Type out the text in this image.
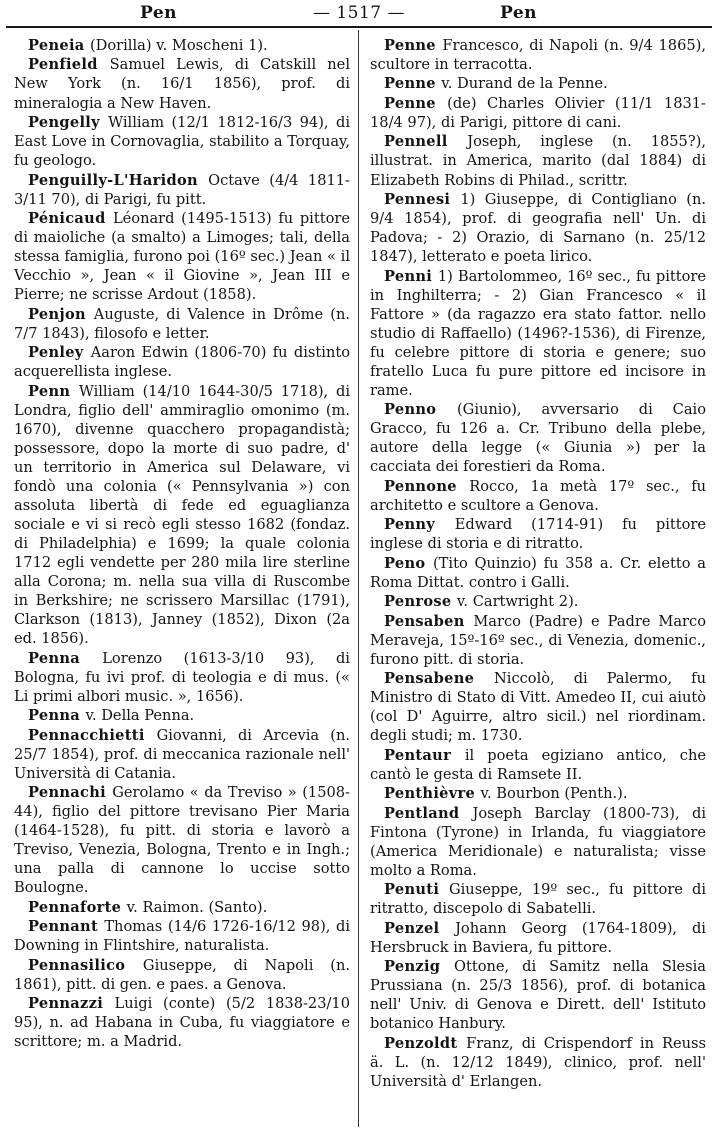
Pen	— 1517 —	Pen

Peneia (Dorilla) v. Moscheni 1).

Penfield Samuel Lewis, di Catskill nel New York (n. 16/1 1856), prof. di mineralogia a New Haven.

Pengelly William (12/1 1812-16/3 94), di East Love in Cornovaglia, stabilito a Torquay, fu geologo.

Penguilly-L'Haridon Octave (4/4 1811-3/11 70), di Parigi, fu pitt.

Pénicaud Léonard (1495-1513) fu pittore di maioliche (a smalto) a Limoges; tali, della stessa famiglia, furono poi (16º sec.) Jean « il Vecchio », Jean « il Giovine », Jean III e Pierre; ne scrisse Ardout (1858).

Penjon Auguste, di Valence in Drôme (n. 7/7 1843), filosofo e letter.

Penley Aaron Edwin (1806-70) fu distinto acquerellista inglese.

Penn William (14/10 1644-30/5 1718), di Londra, figlio dell' ammiraglio omonimo (m. 1670), divenne quacchero propagandistà; possessore, dopo la morte di suo padre, d' un territorio in America sul Delaware, vi fondò una colonia (« Pennsylvania ») con assoluta libertà di fede ed eguaglianza sociale e vi si recò egli stesso 1682 (fondaz. di Philadelphia) e 1699; la quale colonia 1712 egli vendette per 280 mila lire sterline alla Corona; m. nella sua villa di Ruscombe in Berkshire; ne scrissero Marsillac (1791), Clarkson (1813), Janney (1852), Dixon (2a ed. 1856).

Penna Lorenzo (1613-3/10 93), di Bologna, fu ivi prof. di teologia e di mus. (« Li primi albori music. », 1656).

Penna v. Della Penna.

Pennacchietti Giovanni, di Arcevia (n. 25/7 1854), prof. di meccanica razionale nell' Università di Catania.

Pennachi Gerolamo « da Treviso » (1508-44), figlio del pittore trevisano Pier Maria (1464-1528), fu pitt. di storia e lavorò a Treviso, Venezia, Bologna, Trento e in Ingh.; una palla di cannone lo uccise sotto Boulogne.

Pennaforte v. Raimon. (Santo).

Pennant Thomas (14/6 1726-16/12 98), di Downing in Flintshire, naturalista.

Pennasilico Giuseppe, di Napoli (n. 1861), pitt. di gen. e paes. a Genova.

Pennazzi Luigi (conte) (5/2 1838-23/10 95), n. ad Habana in Cuba, fu viaggiatore e scrittore; m. a Madrid.

Penne Francesco, di Napoli (n. 9/4 1865), scultore in terracotta.

Penne v. Durand de la Penne.

Penne (de) Charles Olivier (11/1 1831-18/4 97), di Parigi, pittore di cani.

Pennell Joseph, inglese (n. 1855?), illustrat. in America, marito (dal 1884) di Elizabeth Robins di Philad., scrittr.

Pennesi 1) Giuseppe, di Contigliano (n. 9/4 1854), prof. di geografia nell' Un. di Padova; - 2) Orazio, di Sarnano (n. 25/12 1847), letterato e poeta lirico.

Penni 1) Bartolommeo, 16º sec., fu pittore in Inghilterra; - 2) Gian Francesco « il Fattore » (da ragazzo era stato fattor. nello studio di Raffaello) (1496?-1536), di Firenze, fu celebre pittore di storia e genere; suo fratello Luca fu pure pittore ed incisore in rame.

Penno (Giunio), avversario di Caio Gracco, fu 126 a. Cr. Tribuno della plebe, autore della legge (« Giunia ») per la cacciata dei forestieri da Roma.

Pennone Rocco, 1a metà 17º sec., fu architetto e scultore a Genova.

Penny Edward (1714-91) fu pittore inglese di storia e di ritratto.

Peno (Tito Quinzio) fu 358 a. Cr. eletto a Roma Dittat. contro i Galli.

Penrose v. Cartwright 2).

Pensaben Marco (Padre) e Padre Marco Meraveja, 15º-16º sec., di Venezia, domenic., furono pitt. di storia.

Pensabene Niccolò, di Palermo, fu Ministro di Stato di Vitt. Amedeo II, cui aiutò (col D' Aguirre, altro sicil.) nel riordinam. degli studi; m. 1730.

Pentaur il poeta egiziano antico, che cantò le gesta di Ramsete II.

Penthièvre v. Bourbon (Penth.).

Pentland Joseph Barclay (1800-73), di Fintona (Tyrone) in Irlanda, fu viaggiatore (America Meridionale) e naturalista; visse molto a Roma.

Penuti Giuseppe, 19º sec., fu pittore di ritratto, discepolo di Sabatelli.

Penzel Johann Georg (1764-1809), di Hersbruck in Baviera, fu pittore.

Penzig Ottone, di Samitz nella Slesia Prussiana (n. 25/3 1856), prof. di botanica nell' Univ. di Genova e Dirett. dell' Istituto botanico Hanbury.

Penzoldt Franz, di Crispendorf in Reuss ä. L. (n. 12/12 1849), clinico, prof. nell' Università d' Erlangen.
